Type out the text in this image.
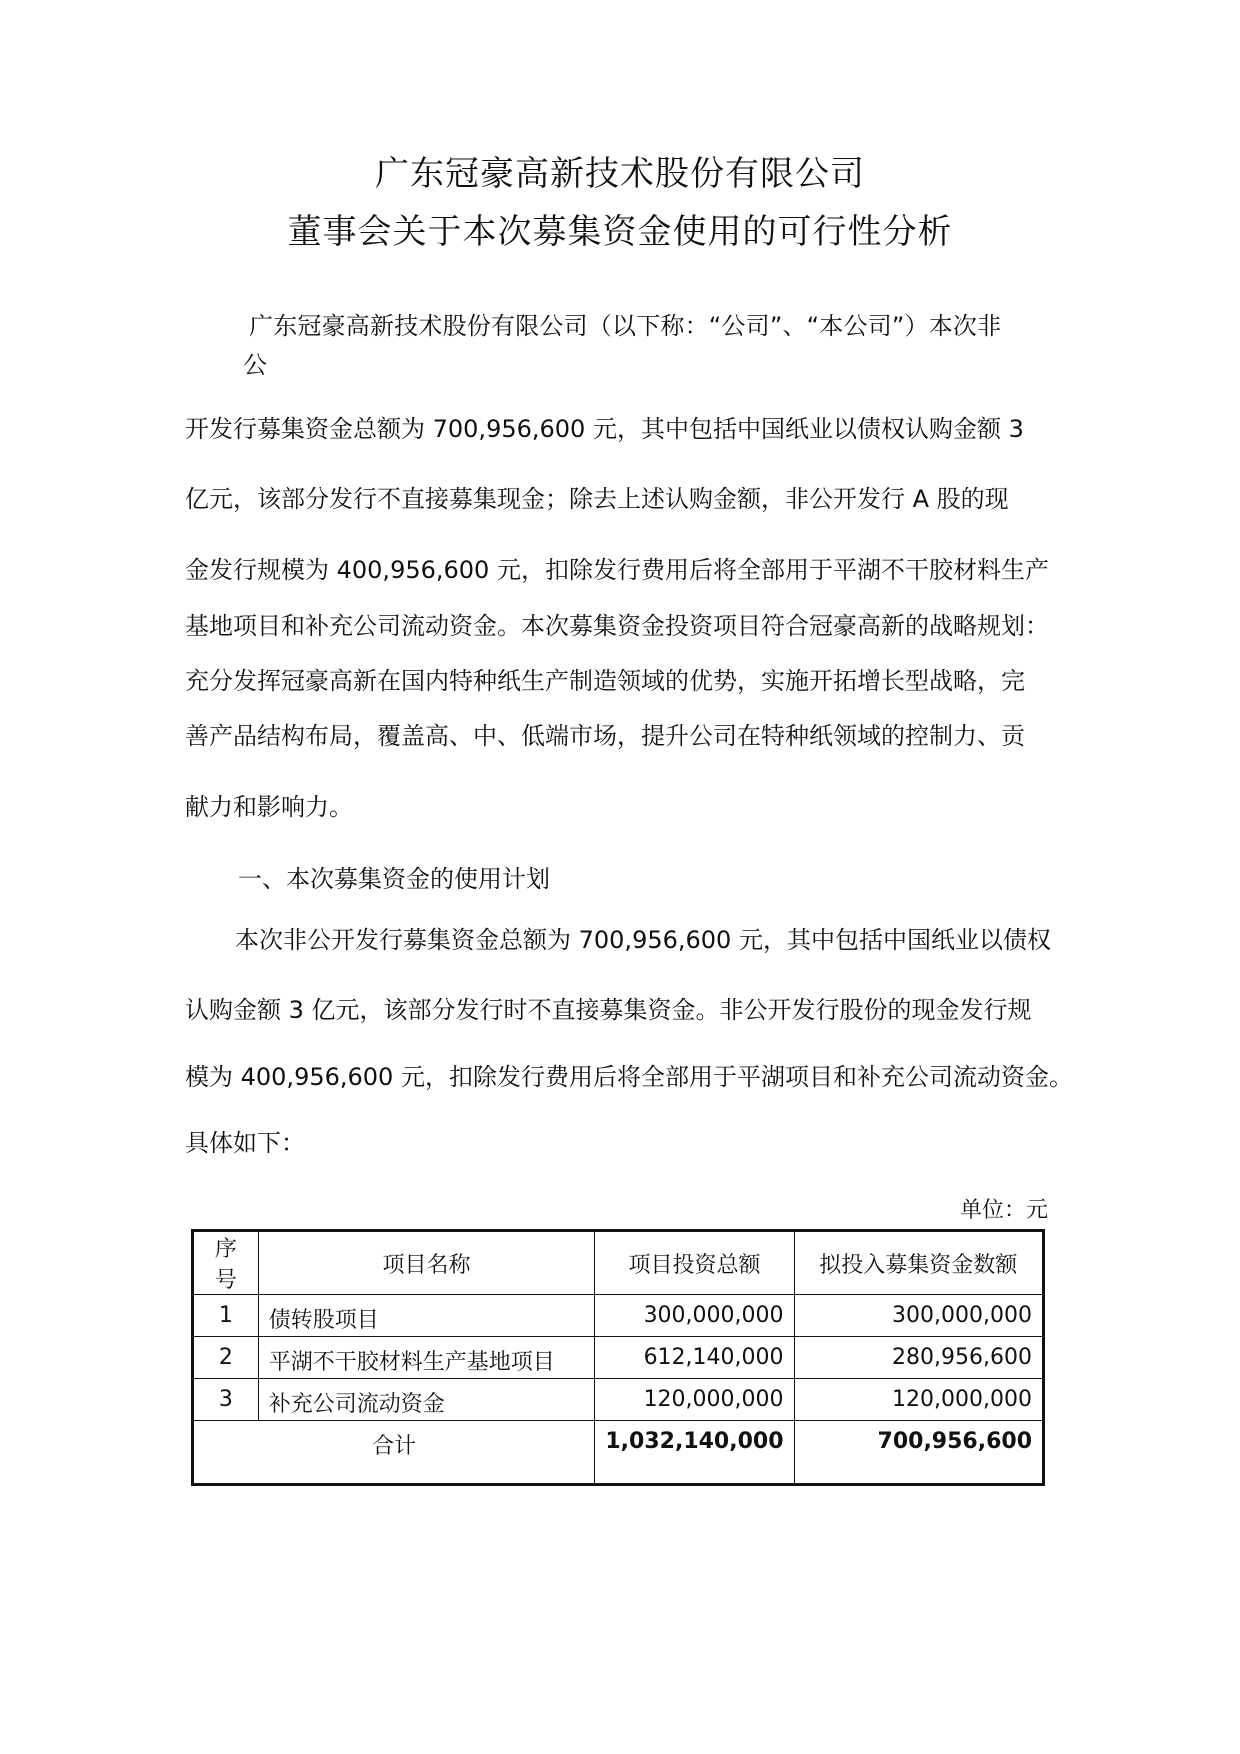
广东冠豪高新技术股份有限公司
董事会关于本次募集资金使用的可行性分析
广东冠豪高新技术股份有限公司（以下称：“公司”、“本公司”）本次非
公
开发行募集资金总额为 700,956,600 元，其中包括中国纸业以债权认购金额 3
亿元，该部分发行不直接募集现金；除去上述认购金额，非公开发行 A 股的现
金发行规模为 400,956,600 元，扣除发行费用后将全部用于平湖不干胶材料生产
基地项目和补充公司流动资金。本次募集资金投资项目符合冠豪高新的战略规划：
充分发挥冠豪高新在国内特种纸生产制造领域的优势，实施开拓增长型战略，完
善产品结构布局，覆盖高、中、低端市场，提升公司在特种纸领域的控制力、贡
献力和影响力。
一、本次募集资金的使用计划
本次非公开发行募集资金总额为 700,956,600 元，其中包括中国纸业以债权
认购金额 3 亿元，该部分发行时不直接募集资金。非公开发行股份的现金发行规
模为 400,956,600 元，扣除发行费用后将全部用于平湖项目和补充公司流动资金。
具体如下：
单位：元
序号	项目名称	项目投资总额	拟投入募集资金数额
1	债转股项目	300,000,000	300,000,000
2	平湖不干胶材料生产基地项目	612,140,000	280,956,600
3	补充公司流动资金	120,000,000	120,000,000
合计		1,032,140,000	700,956,600
